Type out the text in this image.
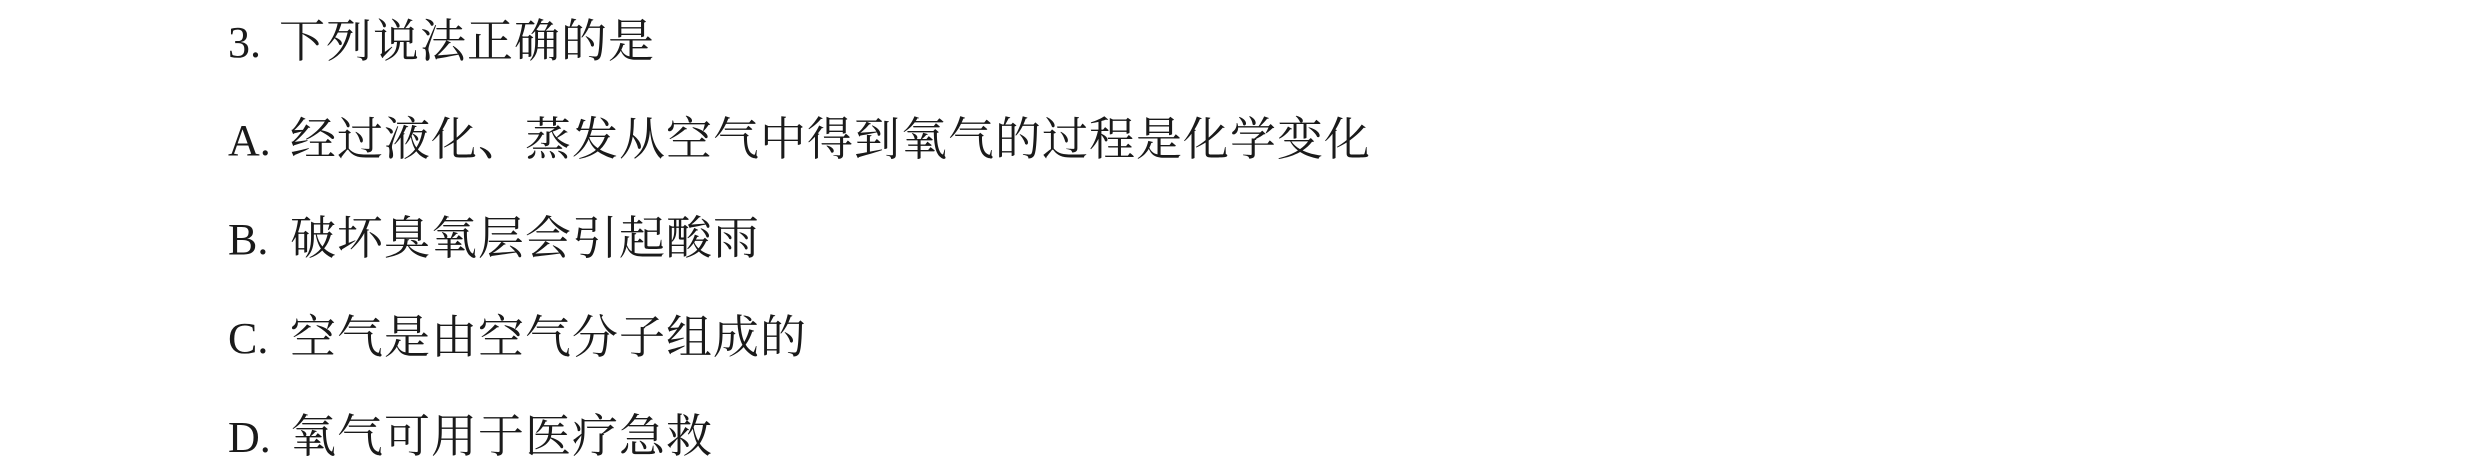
3. 下列说法正确的是
A. 经过液化、蒸发从空气中得到氧气的过程是化学变化
B. 破坏臭氧层会引起酸雨
C. 空气是由空气分子组成的
D. 氧气可用于医疗急救
